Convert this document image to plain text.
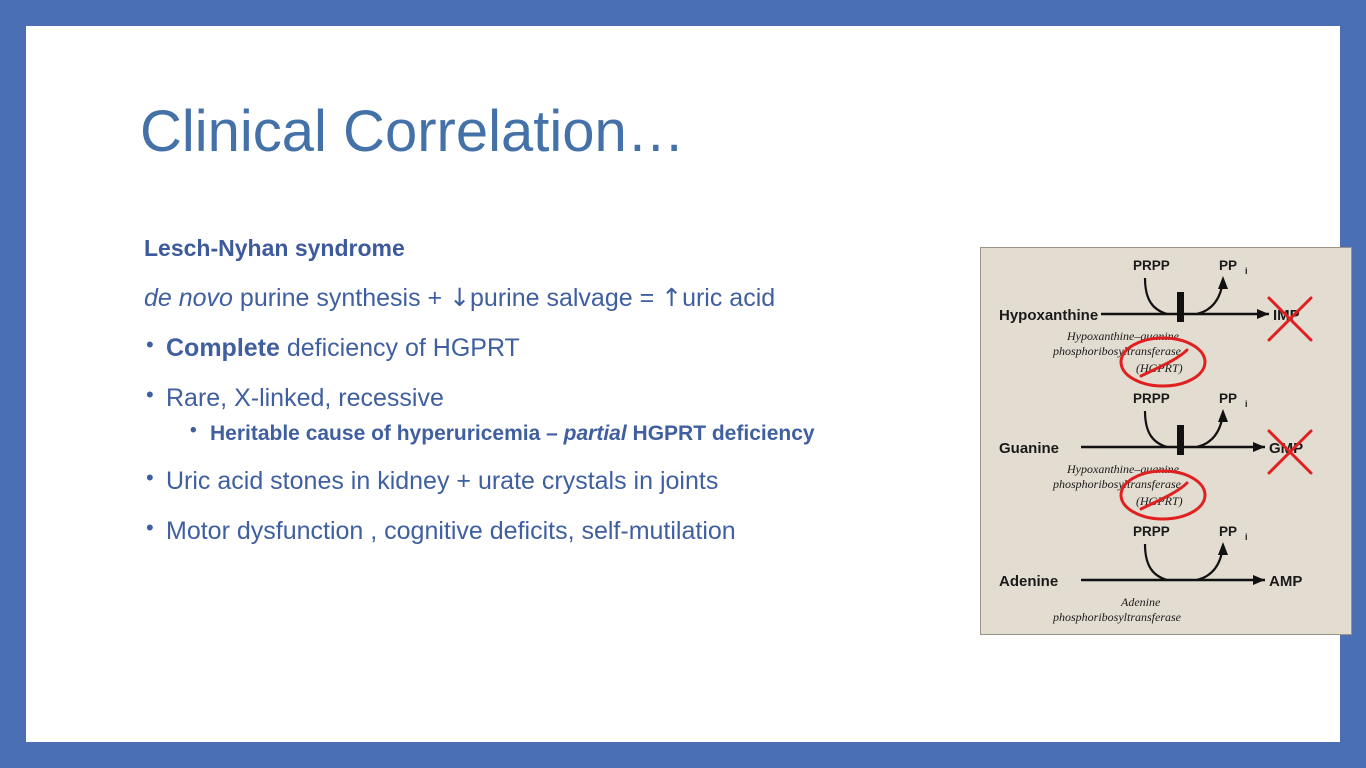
Clinical Correlation…
Lesch-Nyhan syndrome
de novo purine synthesis + ↓purine salvage = ↑uric acid
• Complete deficiency of HGPRT
• Rare, X-linked, recessive
• Heritable cause of hyperuricemia – partial HGPRT deficiency
• Uric acid stones in kidney + urate crystals in joints
• Motor dysfunction , cognitive deficits, self-mutilation
Hypoxanthine
PRPP	PP i
IMP
Hypoxanthine–guanine
phosphoribosyltransferase
(HGPRT)
Guanine
PRPP	PP i
GMP
Hypoxanthine–guanine
phosphoribosyltransferase
(HGPRT)
Adenine
PRPP	PP i
AMP
Adenine
phosphoribosyltransferase
